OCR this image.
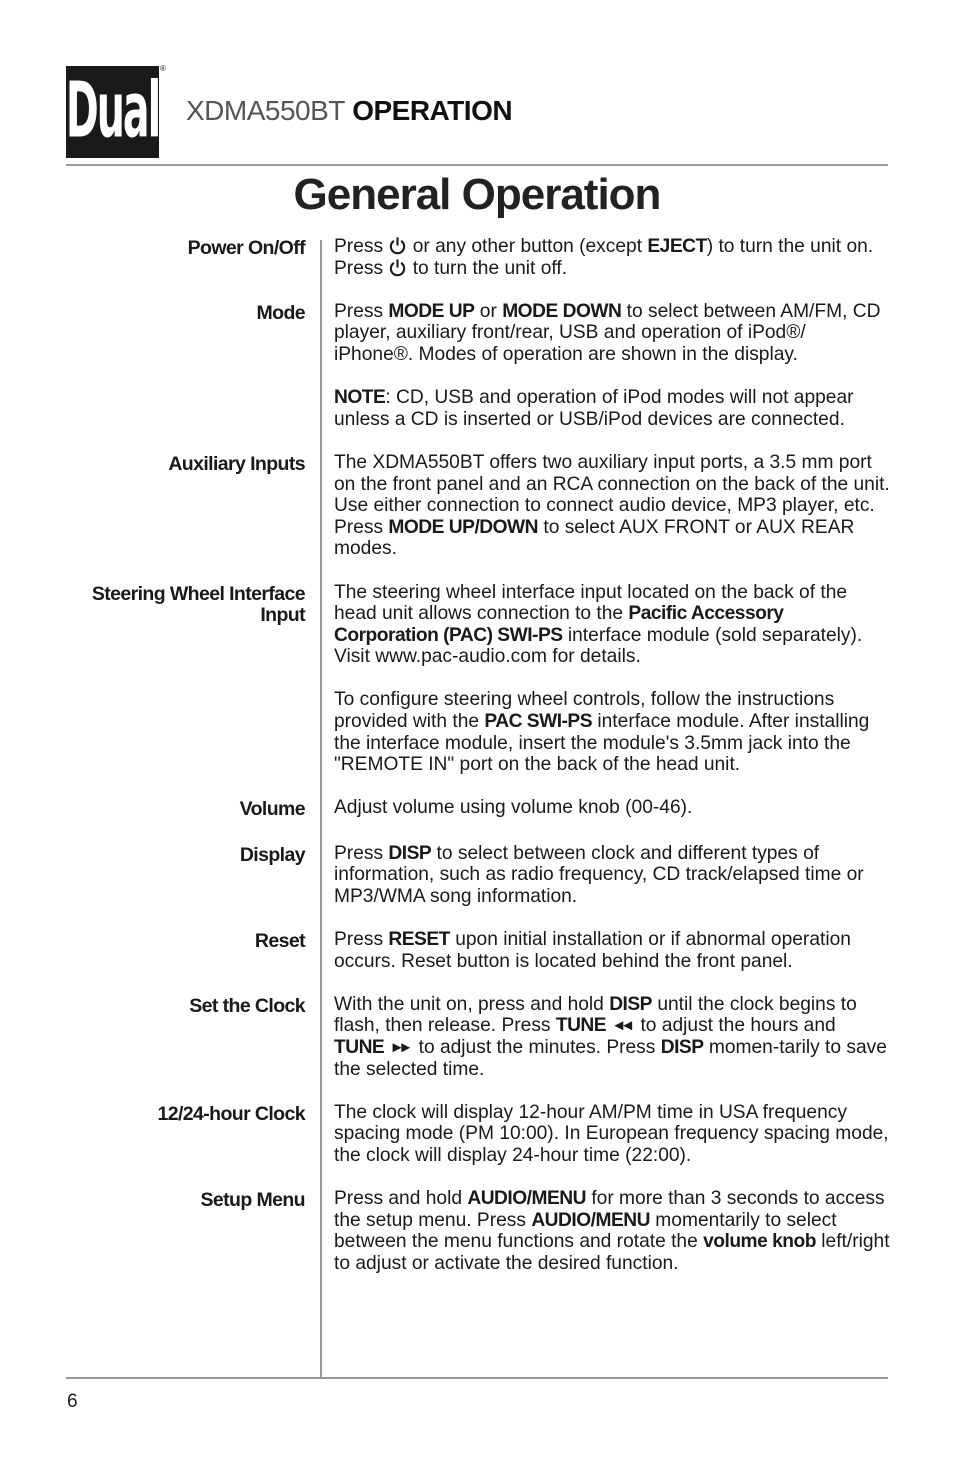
Dual ®
XDMA550BT OPERATION
General Operation
Power On/Off Press  or any other button (except EJECT) to turn the unit on. Press  to turn the unit off.

Mode Press MODE UP or MODE DOWN to select between AM/FM, CD player, auxiliary front/rear, USB and operation of iPod®/ iPhone®. Modes of operation are shown in the display.

NOTE: CD, USB and operation of iPod modes will not appear unless a CD is inserted or USB/iPod devices are connected.

Auxiliary Inputs The XDMA550BT offers two auxiliary input ports, a 3.5 mm port on the front panel and an RCA connection on the back of the unit. Use either connection to connect audio device, MP3 player, etc. Press MODE UP/DOWN to select AUX FRONT or AUX REAR modes.

Steering Wheel Interface
Input

The steering wheel interface input located on the back of the head unit allows connection to the Pacific Accessory Corporation (PAC) SWI-PS interface module (sold separately). Visit www.pac-audio.com for details.

To configure steering wheel controls, follow the instructions provided with the PAC SWI-PS interface module. After installing the interface module, insert the module's 3.5mm jack into the "REMOTE IN" port on the back of the head unit.

Volume Adjust volume using volume knob (00-46).

Display Press DISP to select between clock and different types of information, such as radio frequency, CD track/elapsed time or MP3/WMA song information.

Reset Press RESET upon initial installation or if abnormal operation occurs. Reset button is located behind the front panel.

Set the Clock With the unit on, press and hold DISP until the clock begins to flash, then release. Press TUNE ◄◄ to adjust the hours and TUNE ►► to adjust the minutes. Press DISP momen-tarily to save the selected time.

12/24-hour Clock The clock will display 12-hour AM/PM time in USA frequency spacing mode (PM 10:00). In European frequency spacing mode, the clock will display 24-hour time (22:00).

Setup Menu Press and hold AUDIO/MENU for more than 3 seconds to access the setup menu. Press AUDIO/MENU momentarily to select between the menu functions and rotate the volume knob left/right to adjust or activate the desired function.

6
